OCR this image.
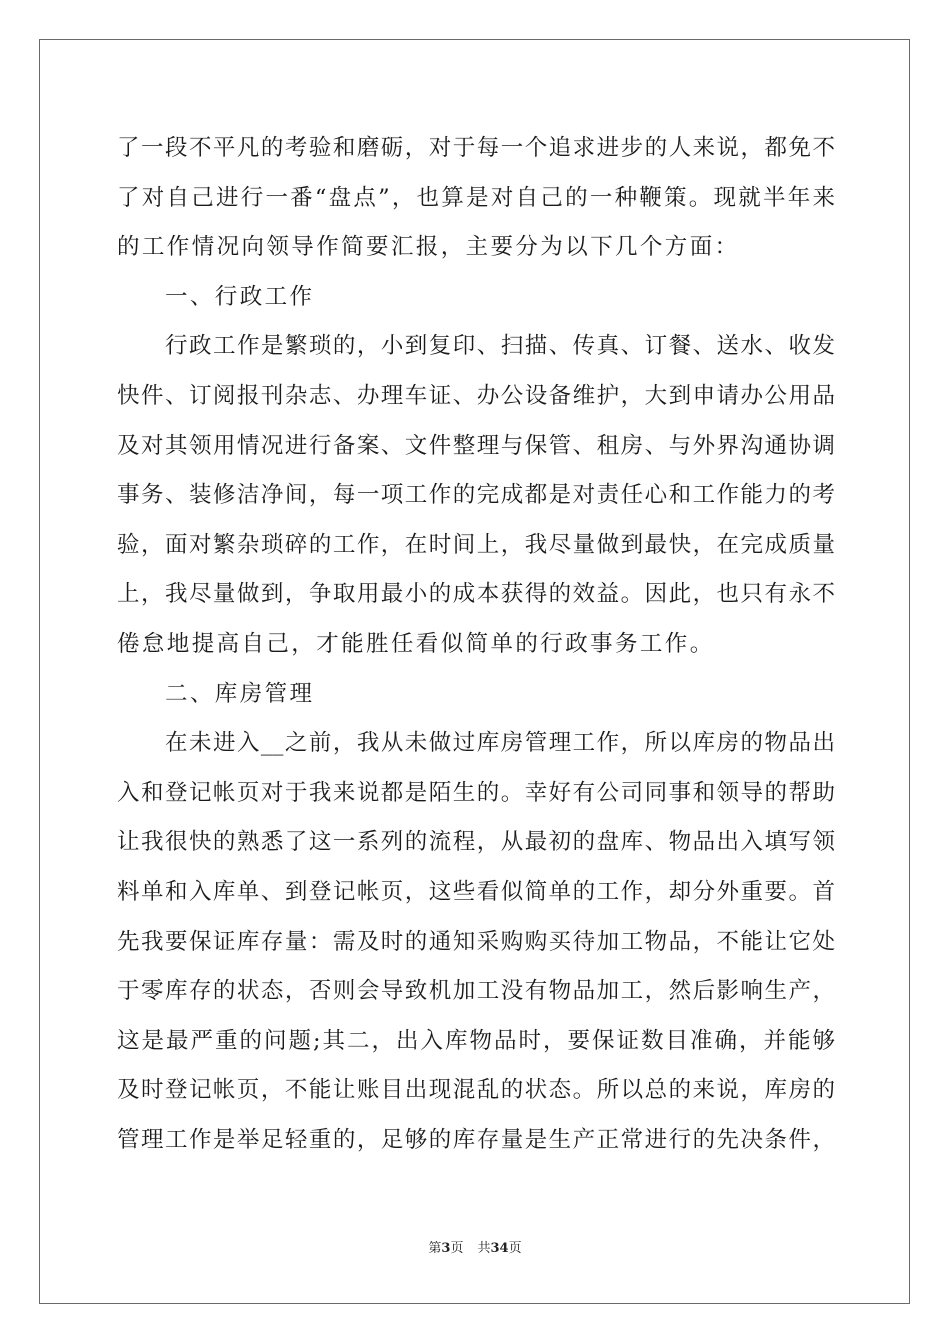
了一段不平凡的考验和磨砺，对于每一个追求进步的人来说，都免不
了对自己进行一番“盘点”，也算是对自己的一种鞭策。现就半年来
的工作情况向领导作简要汇报，主要分为以下几个方面：
一、行政工作
行政工作是繁琐的，小到复印、扫描、传真、订餐、送水、收发
快件、订阅报刊杂志、办理车证、办公设备维护，大到申请办公用品
及对其领用情况进行备案、文件整理与保管、租房、与外界沟通协调
事务、装修洁净间，每一项工作的完成都是对责任心和工作能力的考
验，面对繁杂琐碎的工作，在时间上，我尽量做到最快，在完成质量
上，我尽量做到，争取用最小的成本获得的效益。因此，也只有永不
倦怠地提高自己，才能胜任看似简单的行政事务工作。
二、库房管理
在未进入__之前，我从未做过库房管理工作，所以库房的物品出
入和登记帐页对于我来说都是陌生的。幸好有公司同事和领导的帮助
让我很快的熟悉了这一系列的流程，从最初的盘库、物品出入填写领
料单和入库单、到登记帐页，这些看似简单的工作，却分外重要。首
先我要保证库存量：需及时的通知采购购买待加工物品，不能让它处
于零库存的状态，否则会导致机加工没有物品加工，然后影响生产，
这是最严重的问题;其二，出入库物品时，要保证数目准确，并能够
及时登记帐页，不能让账目出现混乱的状态。所以总的来说，库房的
管理工作是举足轻重的，足够的库存量是生产正常进行的先决条件，
第3页 共34页
